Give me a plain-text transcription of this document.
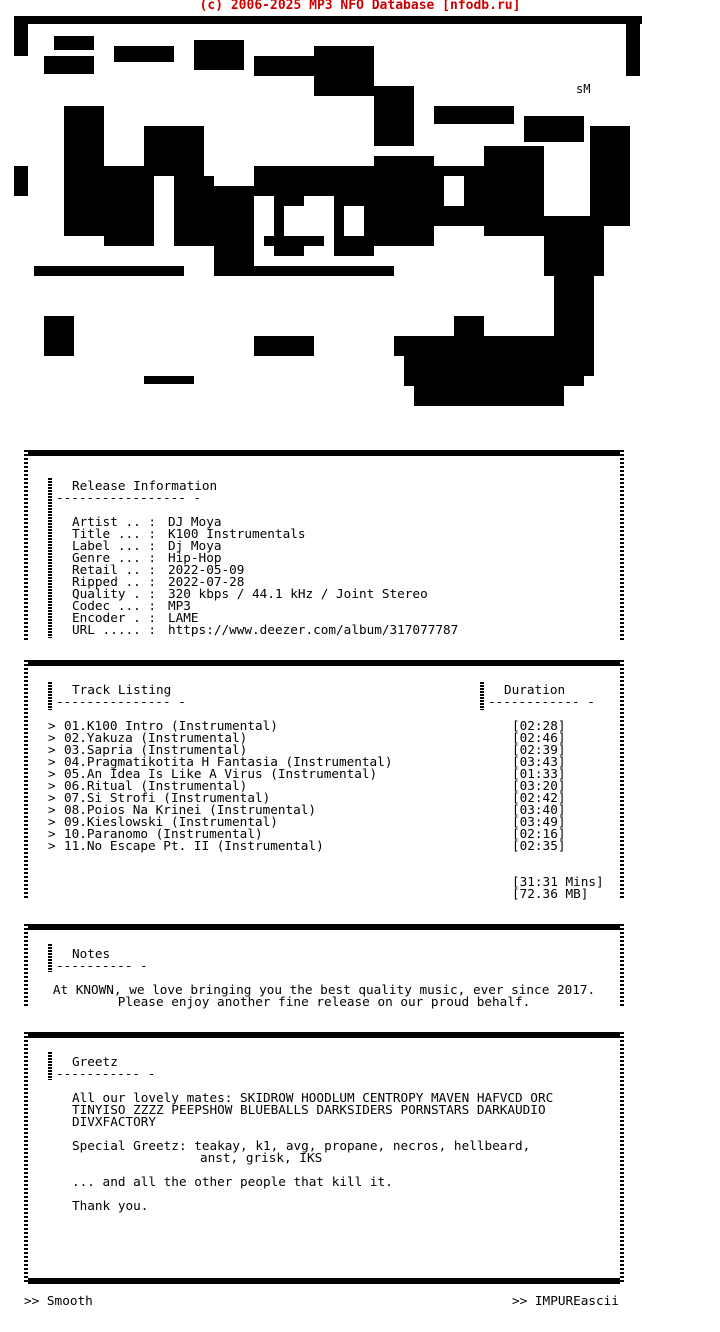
(c) 2006-2025 MP3 NFO Database [nfodb.ru]
sM
Release Information
----------------- -
Artist .. : DJ Moya
Title ... : K100 Instrumentals
Label ... : Dj Moya
Genre ... : Hip-Hop
Retail .. : 2022-05-09
Ripped .. : 2022-07-28
Quality . : 320 kbps / 44.1 kHz / Joint Stereo
Codec ... : MP3
Encoder . : LAME
URL ..... : https://www.deezer.com/album/317077787
Track Listing
--------------- -
Duration
------------ -
> 01.K100 Intro (Instrumental)	[02:28]
> 02.Yakuza (Instrumental)	[02:46]
> 03.Sapria (Instrumental)	[02:39]
> 04.Pragmatikotita H Fantasia (Instrumental)	[03:43]
> 05.An Idea Is Like A Virus (Instrumental)	[01:33]
> 06.Ritual (Instrumental)	[03:20]
> 07.Si Strofi (Instrumental)	[02:42]
> 08.Poios Na Krinei (Instrumental)	[03:40]
> 09.Kieslowski (Instrumental)	[03:49]
> 10.Paranomo (Instrumental)	[02:16]
> 11.No Escape Pt. II (Instrumental)	[02:35]
[31:31 Mins]
[72.36 MB]
Notes
---------- -
At KNOWN, we love bringing you the best quality music, ever since 2017.
Please enjoy another fine release on our proud behalf.
Greetz
----------- -
All our lovely mates: SKIDROW HOODLUM CENTROPY MAVEN HAFVCD ORC
TINYISO ZZZZ PEEPSHOW BLUEBALLS DARKSIDERS PORNSTARS DARKAUDIO
DIVXFACTORY
Special Greetz: teakay, k1, avg, propane, necros, hellbeard,
anst, grisk, IKS
... and all the other people that kill it.
Thank you.
>> Smooth	>> IMPUREascii
